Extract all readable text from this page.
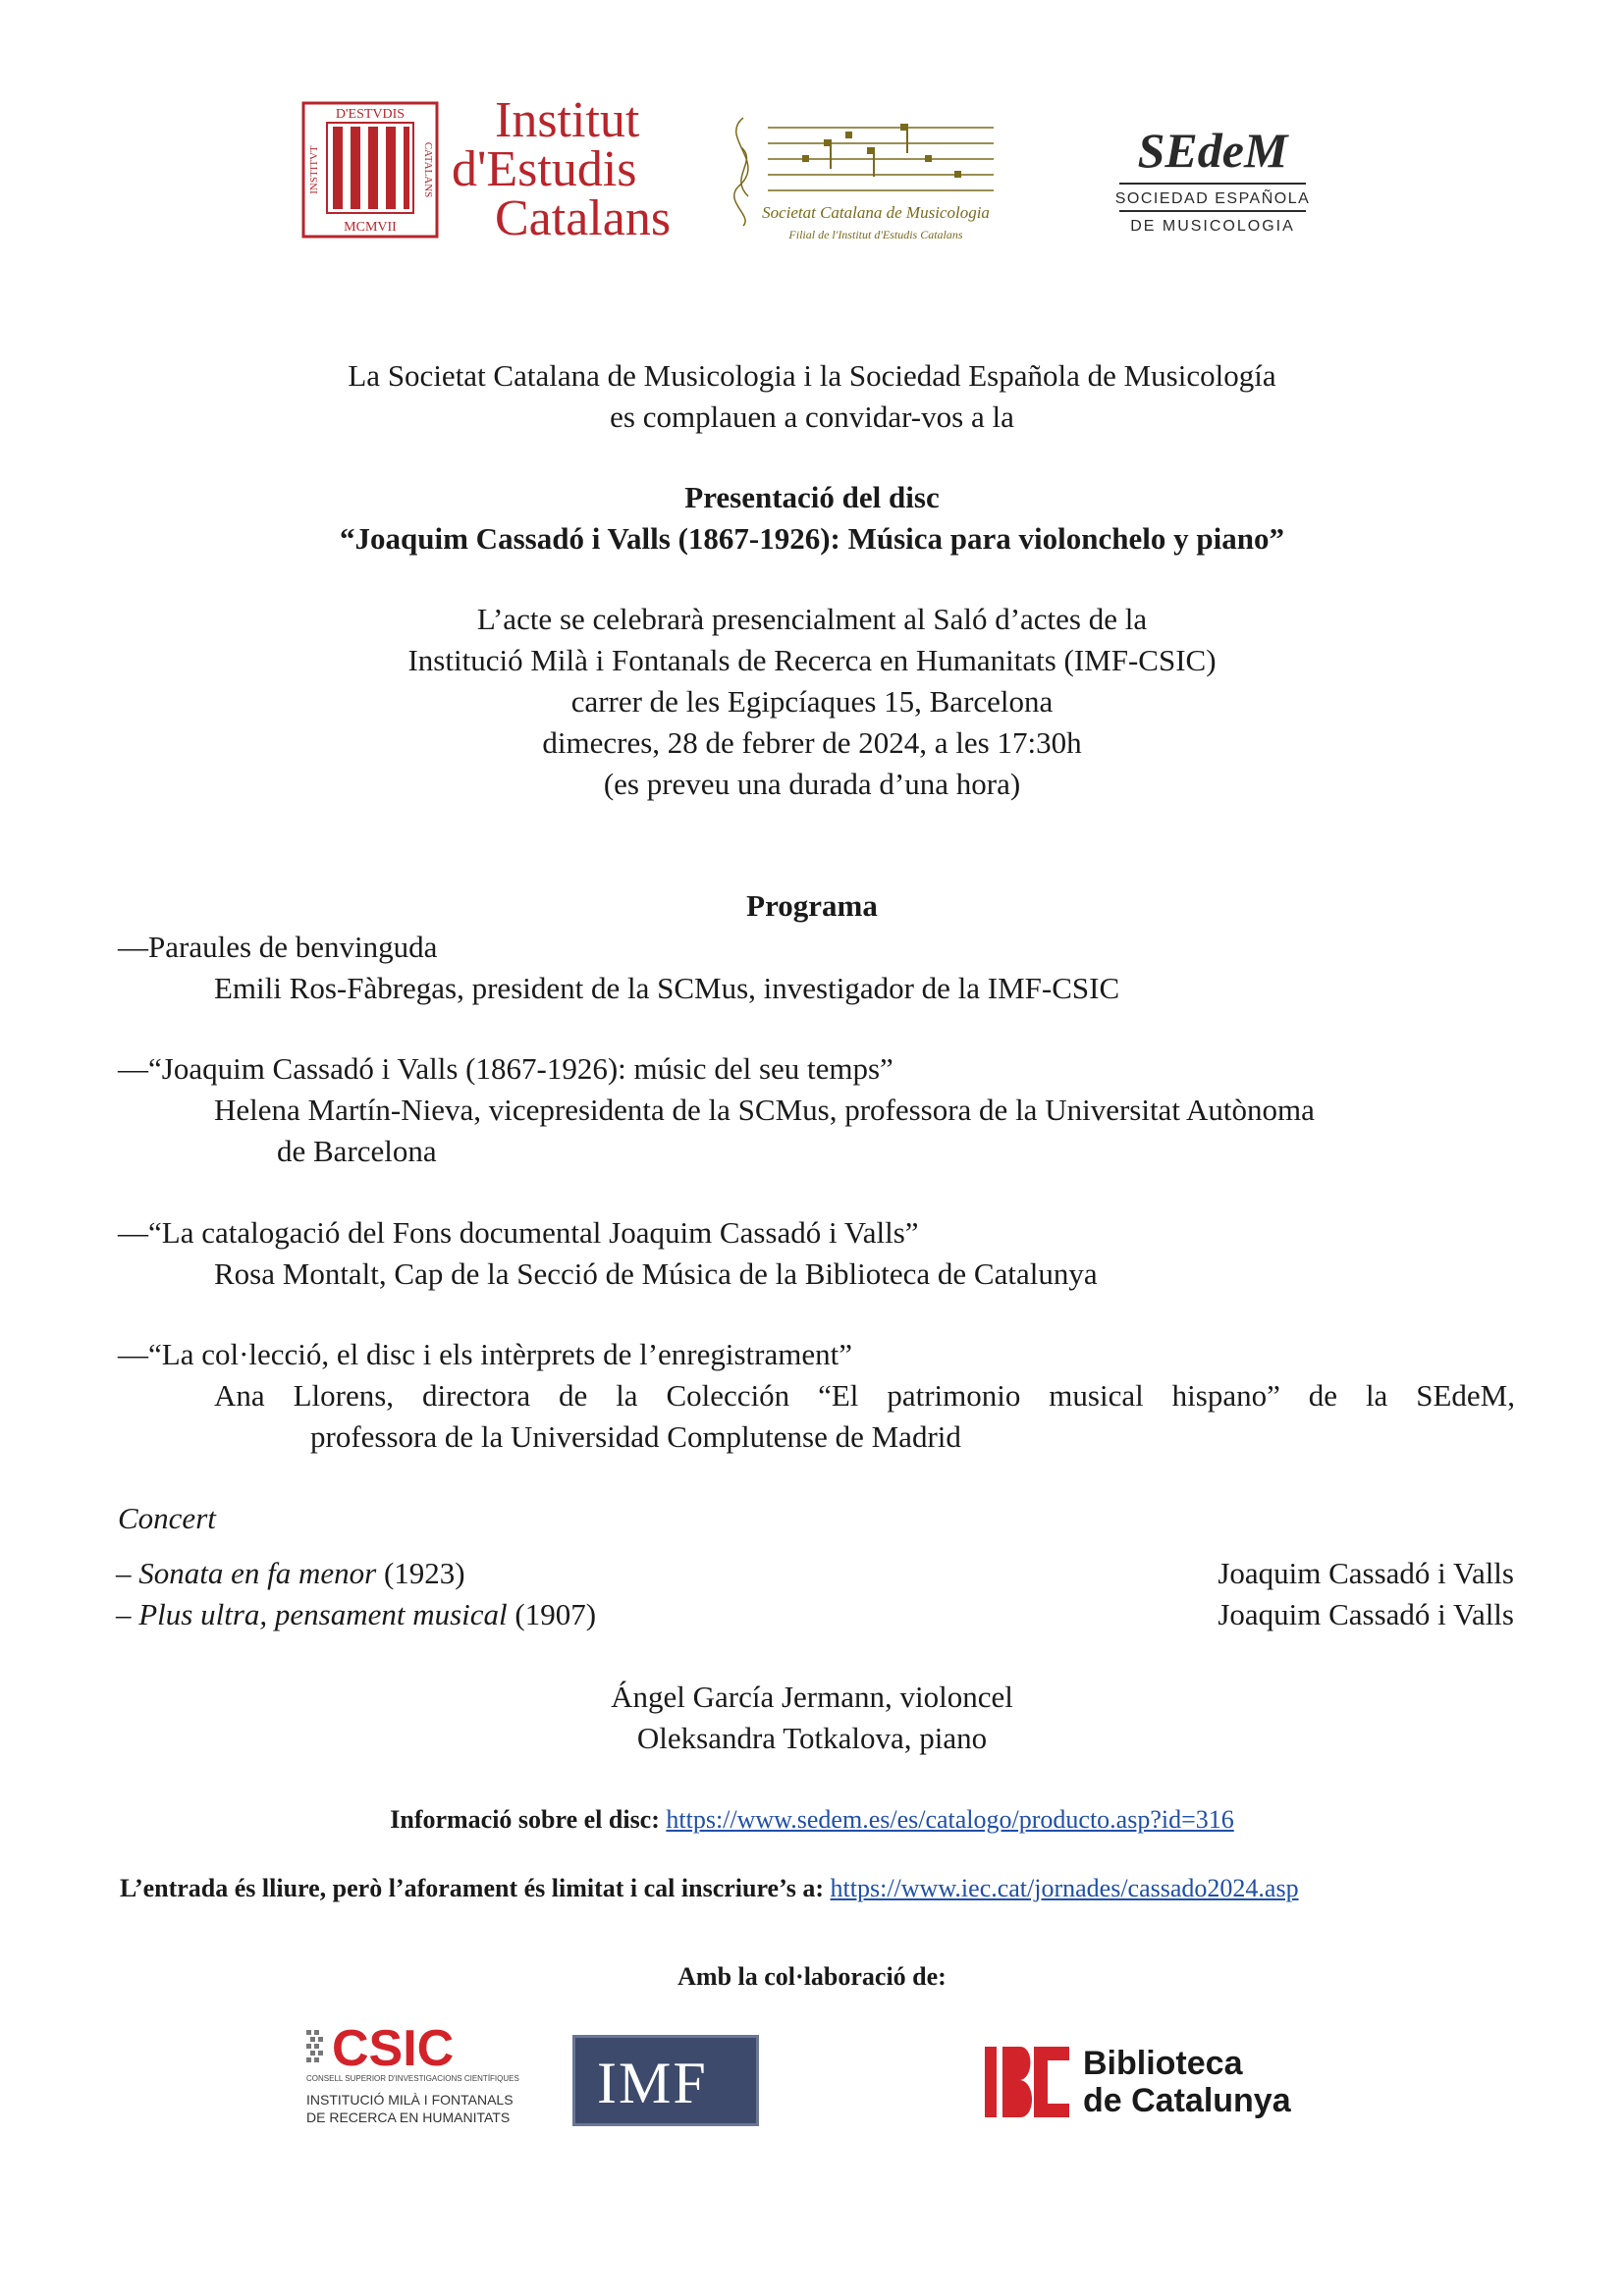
D'ESTVDIS
MCMVII
INSTITVT	CATALANS
Institut
d'Estudis
Catalans	Societat Catalana de Musicologia
Filial de l'Institut d'Estudis Catalans
SEdeM
SOCIEDAD ESPAÑOLA
DE MUSICOLOGIA
La Societat Catalana de Musicologia i la Sociedad Española de Musicología
es complauen a convidar-vos a la
Presentació del disc
“Joaquim Cassadó i Valls (1867-1926): Música para violonchelo y piano”
L’acte se celebrarà presencialment al Saló d’actes de la
Institució Milà i Fontanals de Recerca en Humanitats (IMF-CSIC)
carrer de les Egipcíaques 15, Barcelona
dimecres, 28 de febrer de 2024, a les 17:30h
(es preveu una durada d’una hora)
Programa
—Paraules de benvinguda
Emili Ros-Fàbregas, president de la SCMus, investigador de la IMF-CSIC
—“Joaquim Cassadó i Valls (1867-1926): músic del seu temps”
Helena Martín-Nieva, vicepresidenta de la SCMus, professora de la Universitat Autònoma
de Barcelona
—“La catalogació del Fons documental Joaquim Cassadó i Valls”
Rosa Montalt, Cap de la Secció de Música de la Biblioteca de Catalunya
—“La col·lecció, el disc i els intèrprets de l’enregistrament”
Ana Llorens, directora de la Colección “El patrimonio musical hispano” de la SEdeM,
professora de la Universidad Complutense de Madrid
Concert
– Sonata en fa menor (1923)	Joaquim Cassadó i Valls
– Plus ultra, pensament musical (1907)	Joaquim Cassadó i Valls
Ángel García Jermann, violoncel
Oleksandra Totkalova, piano
Informació sobre el disc: https://www.sedem.es/es/catalogo/producto.asp?id=316
L’entrada és lliure, però l’aforament és limitat i cal inscriure’s a: https://www.iec.cat/jornades/cassado2024.asp
Amb la col·laboració de:
CSIC
CONSELL SUPERIOR D'INVESTIGACIONS CIENTÍFIQUES
INSTITUCIÓ MILÀ I FONTANALS
DE RECERCA EN HUMANITATS
IMF	Biblioteca
de Catalunya
